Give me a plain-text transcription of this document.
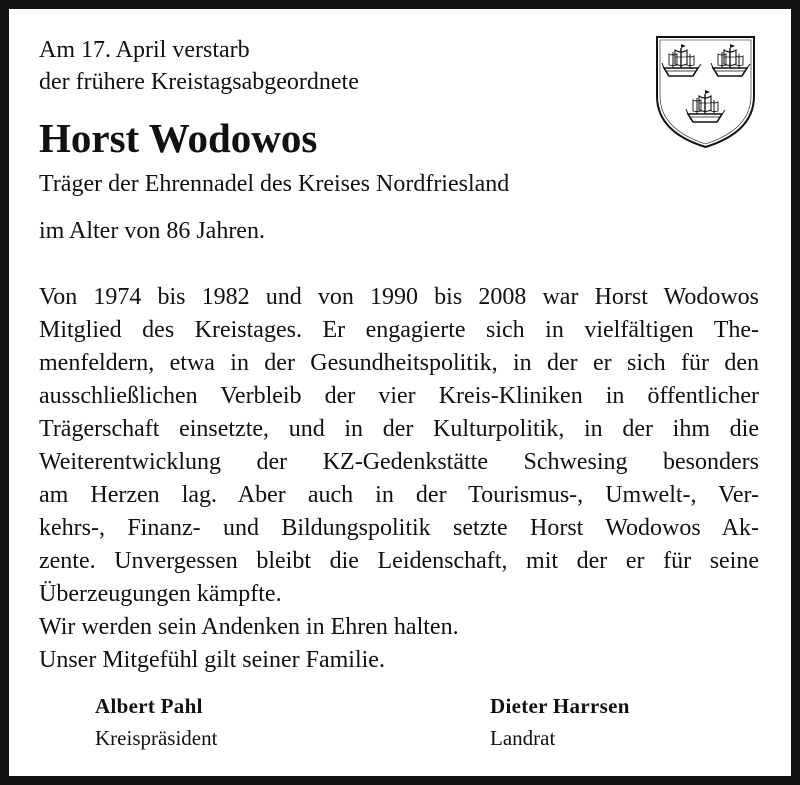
Am 17. April verstarb
der frühere Kreistagsabgeordnete
Horst Wodowos
Träger der Ehrennadel des Kreises Nordfriesland
im Alter von 86 Jahren.
Von 1974 bis 1982 und von 1990 bis 2008 war Horst Wodowos
Mitglied des Kreistages. Er engagierte sich in vielfältigen The-
menfeldern, etwa in der Gesundheitspolitik, in der er sich für den
ausschließlichen Verbleib der vier Kreis-Kliniken in öffentlicher
Trägerschaft einsetzte, und in der Kulturpolitik, in der ihm die
Weiterentwicklung der KZ-Gedenkstätte Schwesing besonders
am Herzen lag. Aber auch in der Tourismus-, Umwelt-, Ver-
kehrs-, Finanz- und Bildungspolitik setzte Horst Wodowos Ak-
zente. Unvergessen bleibt die Leidenschaft, mit der er für seine
Überzeugungen kämpfte.
Wir werden sein Andenken in Ehren halten.
Unser Mitgefühl gilt seiner Familie.
Albert Pahl
Kreispräsident
Dieter Harrsen
Landrat
